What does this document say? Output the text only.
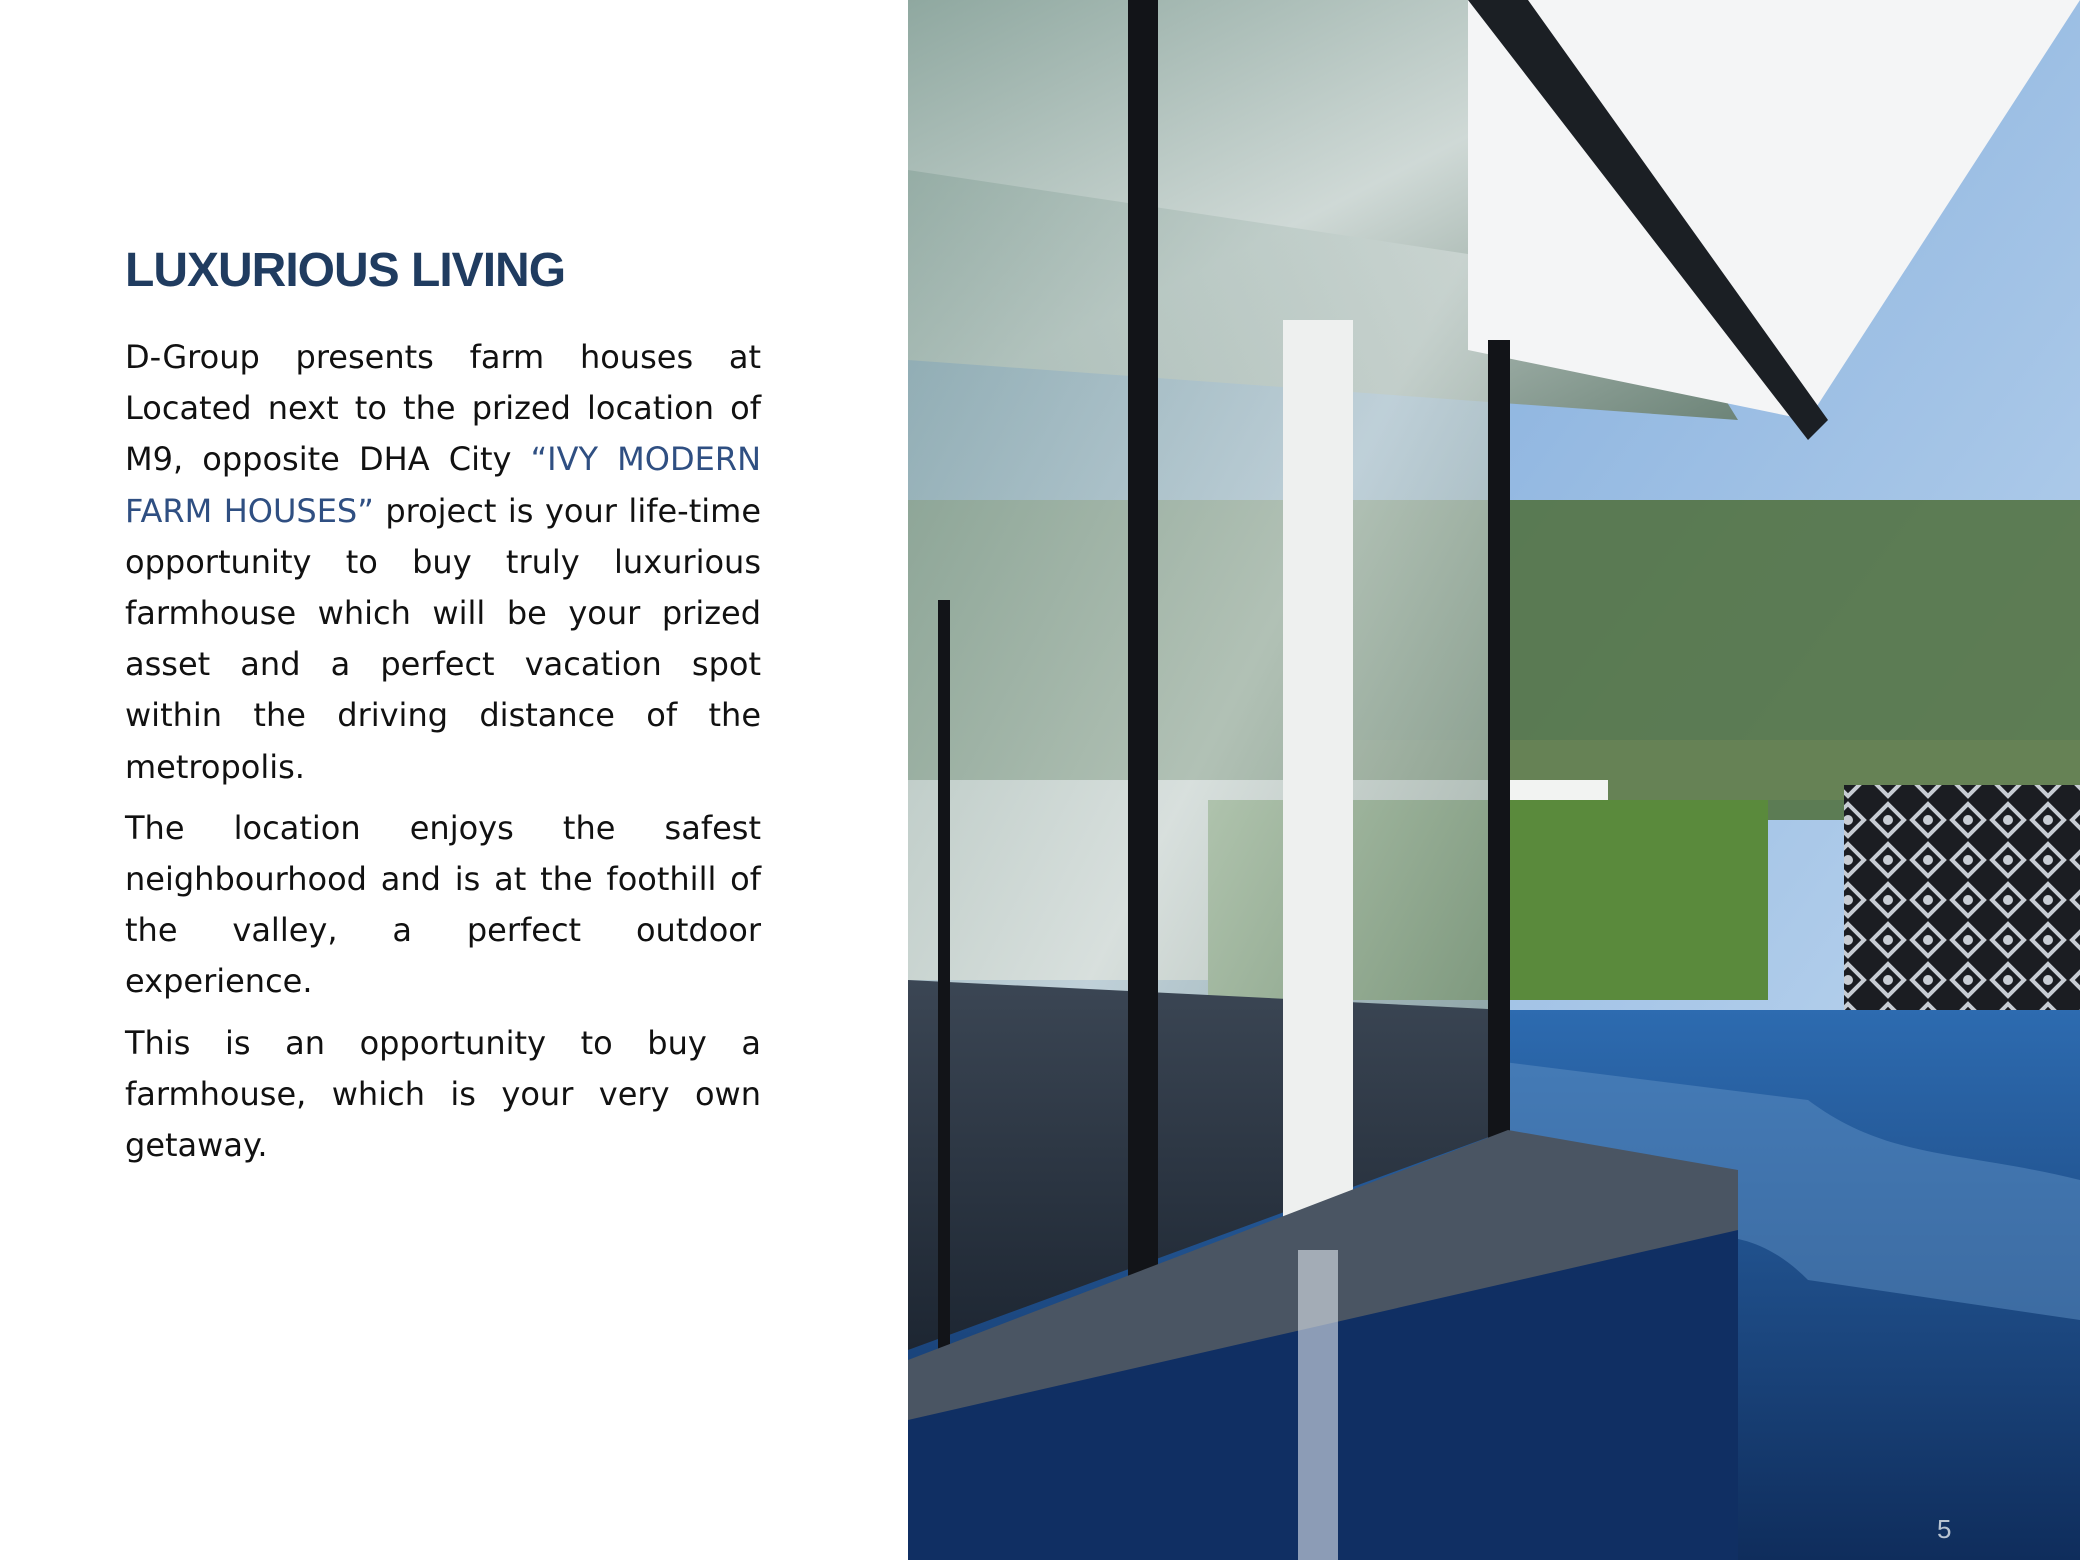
LUXURIOUS LIVING

D-Group presents farm houses at Located next to the prized location of M9, opposite DHA City “IVY MODERN FARM HOUSES” project is your life-time opportunity to buy truly luxurious farmhouse which will be your prized asset and a perfect vacation spot within the driving distance of the metropolis.

The location enjoys the safest neighbourhood and is at the foothill of the valley, a perfect outdoor experience.

This is an opportunity to buy a farmhouse, which is your very own getaway.

5
